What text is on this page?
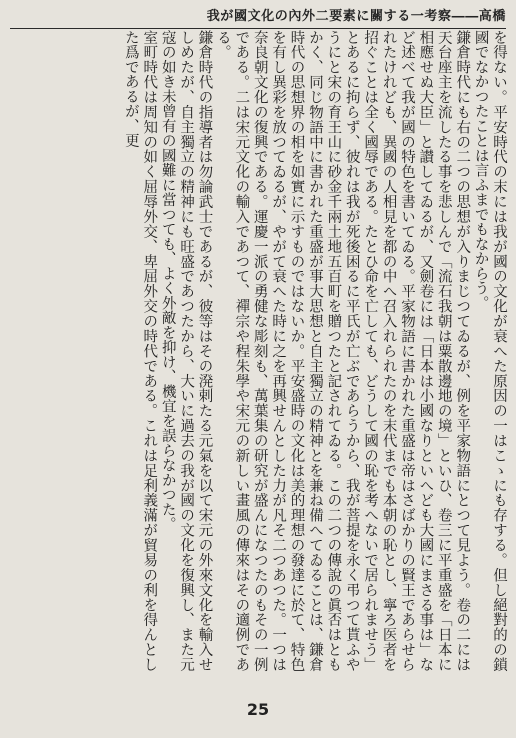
我が國文化の內外二要素に關する一考察――高橋

を得ない。平安時代の末には我が國の文化が衰へた原因の一はこゝにも存する。但し絕對的の鎖國でなかつたことは言ふまでもなからう。

鎌倉時代にも右の二つの思想が入りまじつてゐるが、例を平家物語にとつて見よう。卷の二には天台座主を流したる事を悲しんで「流石我朝は粟散邊地の境」といひ、卷三に平重盛を「日本に相應せぬ大臣」と讃してゐるが、又劍卷には「日本は小國なりといへども大國にまさる事は」など述べて我が國の特色を書いてゐる。平家物語に書かれた重盛は帝はさばかりの賢王であらせられたけれども、異國の人相見を都の中へ召入れられたのを末代までも本朝の恥とし、寧ろ医者を招ぐことは全く國辱である。たとひ命を亡しても、どうして國の恥を考へないで居られませう」とあるに拘らず、彼れは我が死後困るに平氏が亡ぶであらうから、我が菩提を永く弔つて貰ふやうにと宋の育王山に砂金千兩土地五百町を贈つたと記されてゐる。この二つの傳說の眞否はともかく、同じ物語中に書かれた重盛が事大思想と自主獨立の精神とを兼ね備へてゐることは、鎌倉時代の思想界の相を如實に示すものではないか。平安盛時の文化は美的理想の發達に於て、特色を有し異彩を放つてゐるが、やがて衰へた時に之を再興せんとした力が凡そ二つあつた。一つは奈良朝文化の復興である。運慶一派の勇健な彫刻も、萬葉集の研究が盛んになつたのもその一例である。二は宋元文化の輸入であつて、禪宗や程朱學や宋元の新しい畫風の傳來はその適例である。

鎌倉時代の指導者は勿論武士であるが、彼等はその溌剌たる元氣を以て宋元の外來文化を輸入せしめたが、自主獨立の精神にも旺盛であつたから、大いに過去の我が國の文化を復興し、また元寇の如き未曾有の國難に當つても、よく外敵を抑け、機宜を誤らなかつた。

室町時代は周知の如く屈辱外交、卑屈外交の時代である。これは足利義滿が貿易の利を得んとした爲であるが、更

25
